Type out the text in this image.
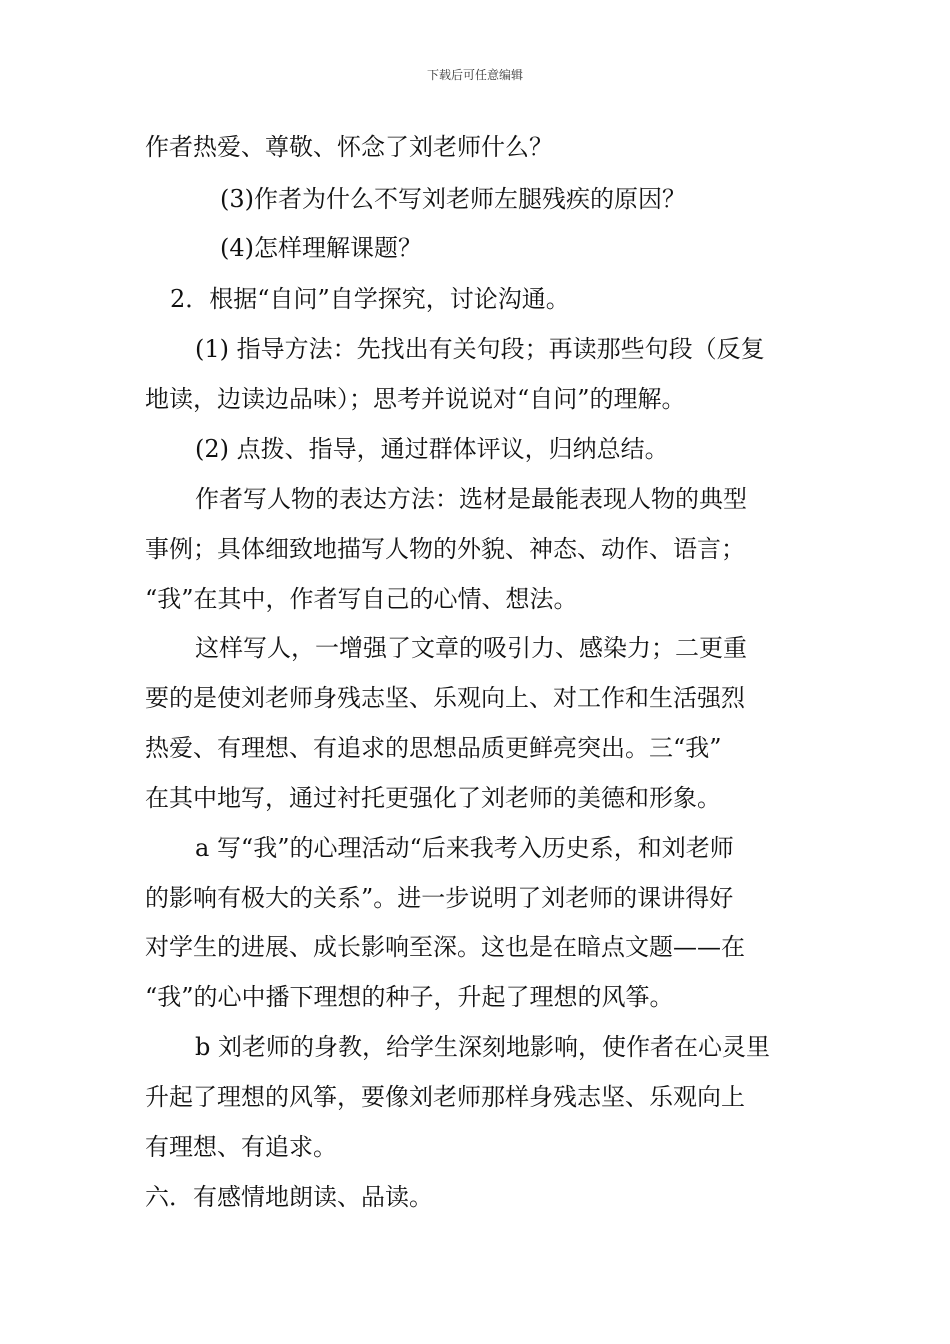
下载后可任意编辑
作者热爱、尊敬、怀念了刘老师什么？
(3)作者为什么不写刘老师左腿残疾的原因？
(4)怎样理解课题？
2．根据“自问”自学探究，讨论沟通。
(1) 指导方法：先找出有关句段；再读那些句段（反复
地读，边读边品味）；思考并说说对“自问”的理解。
(2) 点拨、指导，通过群体评议，归纳总结。
作者写人物的表达方法：选材是最能表现人物的典型
事例；具体细致地描写人物的外貌、神态、动作、语言；
“我”在其中，作者写自己的心情、想法。
这样写人，一增强了文章的吸引力、感染力；二更重
要的是使刘老师身残志坚、乐观向上、对工作和生活强烈
热爱、有理想、有追求的思想品质更鲜亮突出。三“我”
在其中地写，通过衬托更强化了刘老师的美德和形象。
a 写“我”的心理活动“后来我考入历史系，和刘老师
的影响有极大的关系”。进一步说明了刘老师的课讲得好
对学生的进展、成长影响至深。这也是在暗点文题——在
“我”的心中播下理想的种子，升起了理想的风筝。
b 刘老师的身教，给学生深刻地影响，使作者在心灵里
升起了理想的风筝，要像刘老师那样身残志坚、乐观向上
有理想、有追求。
六．有感情地朗读、品读。
